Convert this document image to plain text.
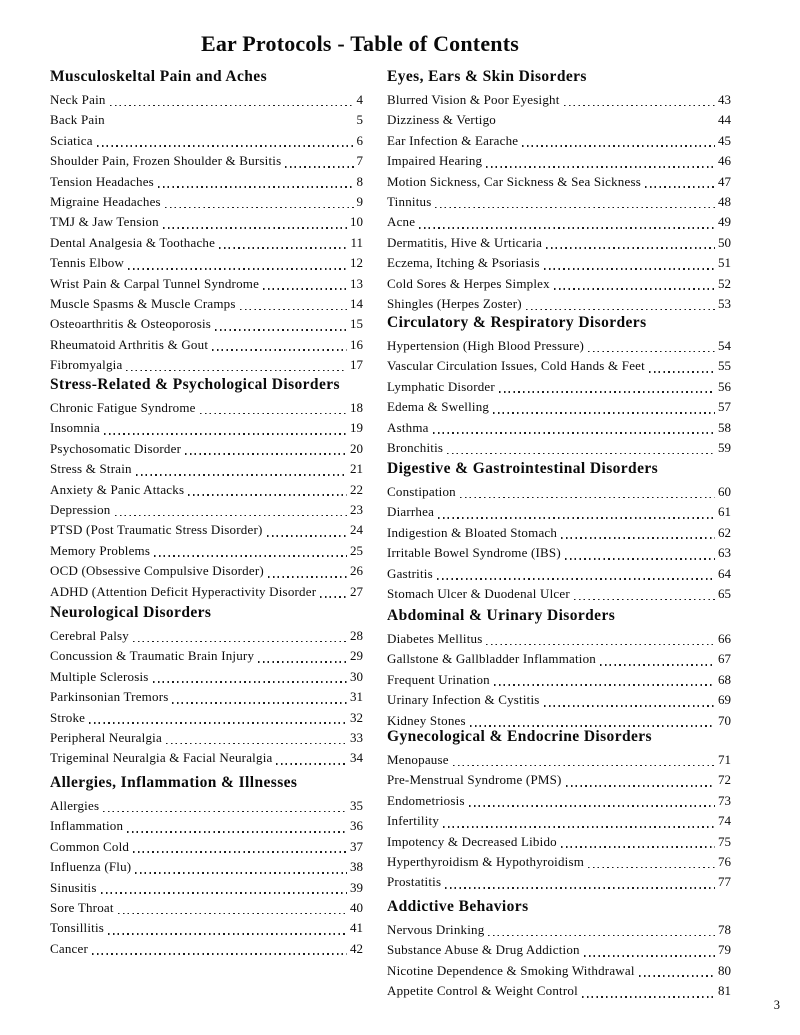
Ear Protocols - Table of Contents
Musculoskeltal Pain and Aches
Neck Pain	4
Back Pain	5
Sciatica	6
Shoulder Pain, Frozen Shoulder & Bursitis	7
Tension Headaches	8
Migraine Headaches	9
TMJ & Jaw Tension	10
Dental Analgesia & Toothache	11
Tennis Elbow	12
Wrist Pain & Carpal Tunnel Syndrome	13
Muscle Spasms & Muscle Cramps	14
Osteoarthritis & Osteoporosis	15
Rheumatoid Arthritis & Gout	16
Fibromyalgia	17
Stress-Related & Psychological Disorders
Chronic Fatigue Syndrome	18
Insomnia	19
Psychosomatic Disorder	20
Stress & Strain	21
Anxiety & Panic Attacks	22
Depression	23
PTSD (Post Traumatic Stress Disorder)	24
Memory Problems	25
OCD (Obsessive Compulsive Disorder)	26
ADHD (Attention Deficit Hyperactivity Disorder	27
Neurological Disorders
Cerebral Palsy	28
Concussion & Traumatic Brain Injury	29
Multiple Sclerosis	30
Parkinsonian Tremors	31
Stroke	32
Peripheral Neuralgia	33
Trigeminal Neuralgia & Facial Neuralgia	34
Allergies, Inflammation & Illnesses
Allergies	35
Inflammation	36
Common Cold	37
Influenza (Flu)	38
Sinusitis	39
Sore Throat	40
Tonsillitis	41
Cancer	42
Eyes, Ears & Skin Disorders
Blurred Vision & Poor Eyesight	43
Dizziness & Vertigo	44
Ear Infection & Earache	45
Impaired Hearing	46
Motion Sickness, Car Sickness & Sea Sickness	47
Tinnitus	48
Acne	49
Dermatitis, Hive & Urticaria	50
Eczema, Itching & Psoriasis	51
Cold Sores & Herpes Simplex	52
Shingles (Herpes Zoster)	53
Circulatory & Respiratory Disorders
Hypertension (High Blood Pressure)	54
Vascular Circulation Issues, Cold Hands & Feet	55
Lymphatic Disorder	56
Edema & Swelling	57
Asthma	58
Bronchitis	59
Digestive & Gastrointestinal Disorders
Constipation	60
Diarrhea	61
Indigestion & Bloated Stomach	62
Irritable Bowel Syndrome (IBS)	63
Gastritis	64
Stomach Ulcer & Duodenal Ulcer	65
Abdominal & Urinary Disorders
Diabetes Mellitus	66
Gallstone & Gallbladder Inflammation	67
Frequent Urination	68
Urinary Infection & Cystitis	69
Kidney Stones	70
Gynecological & Endocrine Disorders
Menopause	71
Pre-Menstrual Syndrome (PMS)	72
Endometriosis	73
Infertility	74
Impotency & Decreased Libido	75
Hyperthyroidism & Hypothyroidism	76
Prostatitis	77
Addictive Behaviors
Nervous Drinking	78
Substance Abuse & Drug Addiction	79
Nicotine Dependence & Smoking Withdrawal	80
Appetite Control & Weight Control	81
3
